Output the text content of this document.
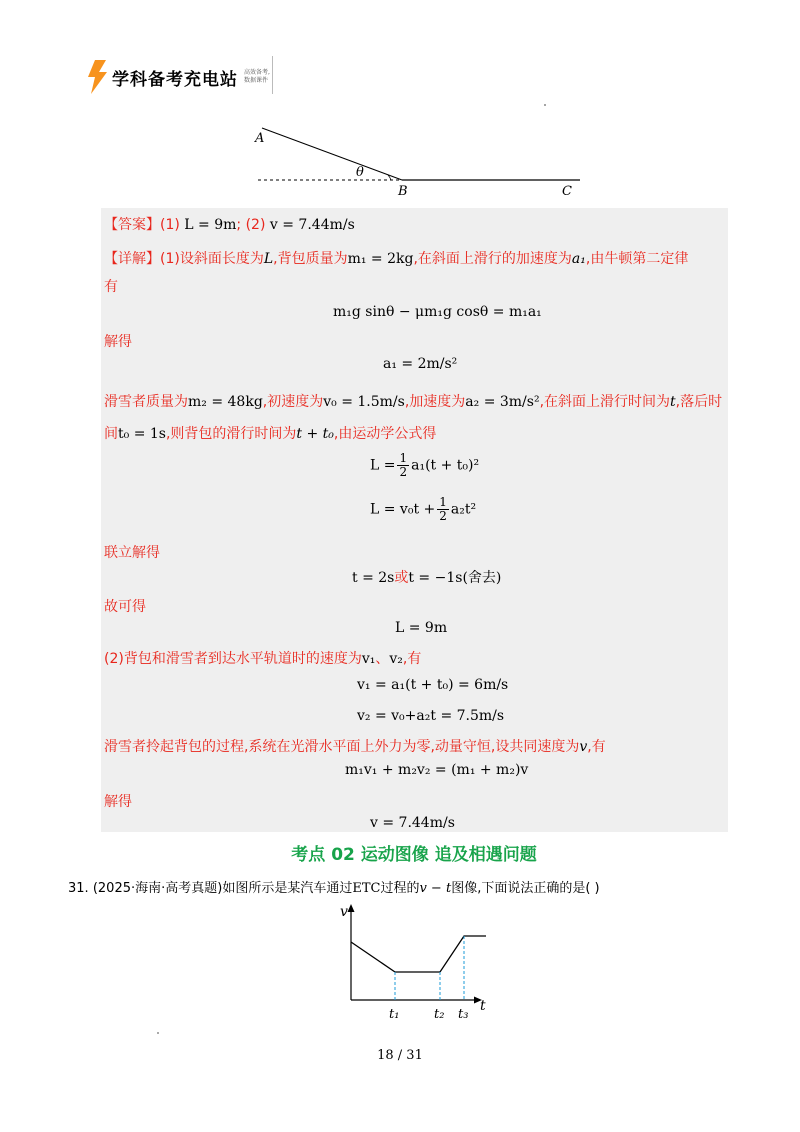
学科备考充电站 高效备考,
数据课件
A
B	C
θ
【答案】(1) L = 9m; (2) v = 7.44m/s
【详解】(1)设斜面长度为L,背包质量为m₁ = 2kg,在斜面上滑行的加速度为a₁,由牛顿第二定律
有
m₁g sinθ − μm₁g cosθ = m₁a₁
解得
a₁ = 2m/s²
滑雪者质量为m₂ = 48kg,初速度为v₀ = 1.5m/s,加速度为a₂ = 3m/s²,在斜面上滑行时间为t,落后时
间t₀ = 1s,则背包的滑行时间为t + t₀,由运动学公式得
$L = \frac{1}{2} a_1(t + t_0)^2$
$L = v_0t + \frac{1}{2} a_2t^2$
联立解得
t = 2s或t = −1s(舍去)
故可得
L = 9m
(2)背包和滑雪者到达水平轨道时的速度为v₁、v₂,有
v₁ = a₁(t + t₀) = 6m/s
v₂ = v₀+a₂t = 7.5m/s
滑雪者拎起背包的过程,系统在光滑水平面上外力为零,动量守恒,设共同速度为v,有
m₁v₁ + m₂v₂ = (m₁ + m₂)v
解得
v = 7.44m/s
考点 02 运动图像 追及相遇问题
31. (2025·海南·高考真题)如图所示是某汽车通过ETC过程的v − t图像,下面说法正确的是( )
v
t
t₁	t₂ t₃
18 / 31
